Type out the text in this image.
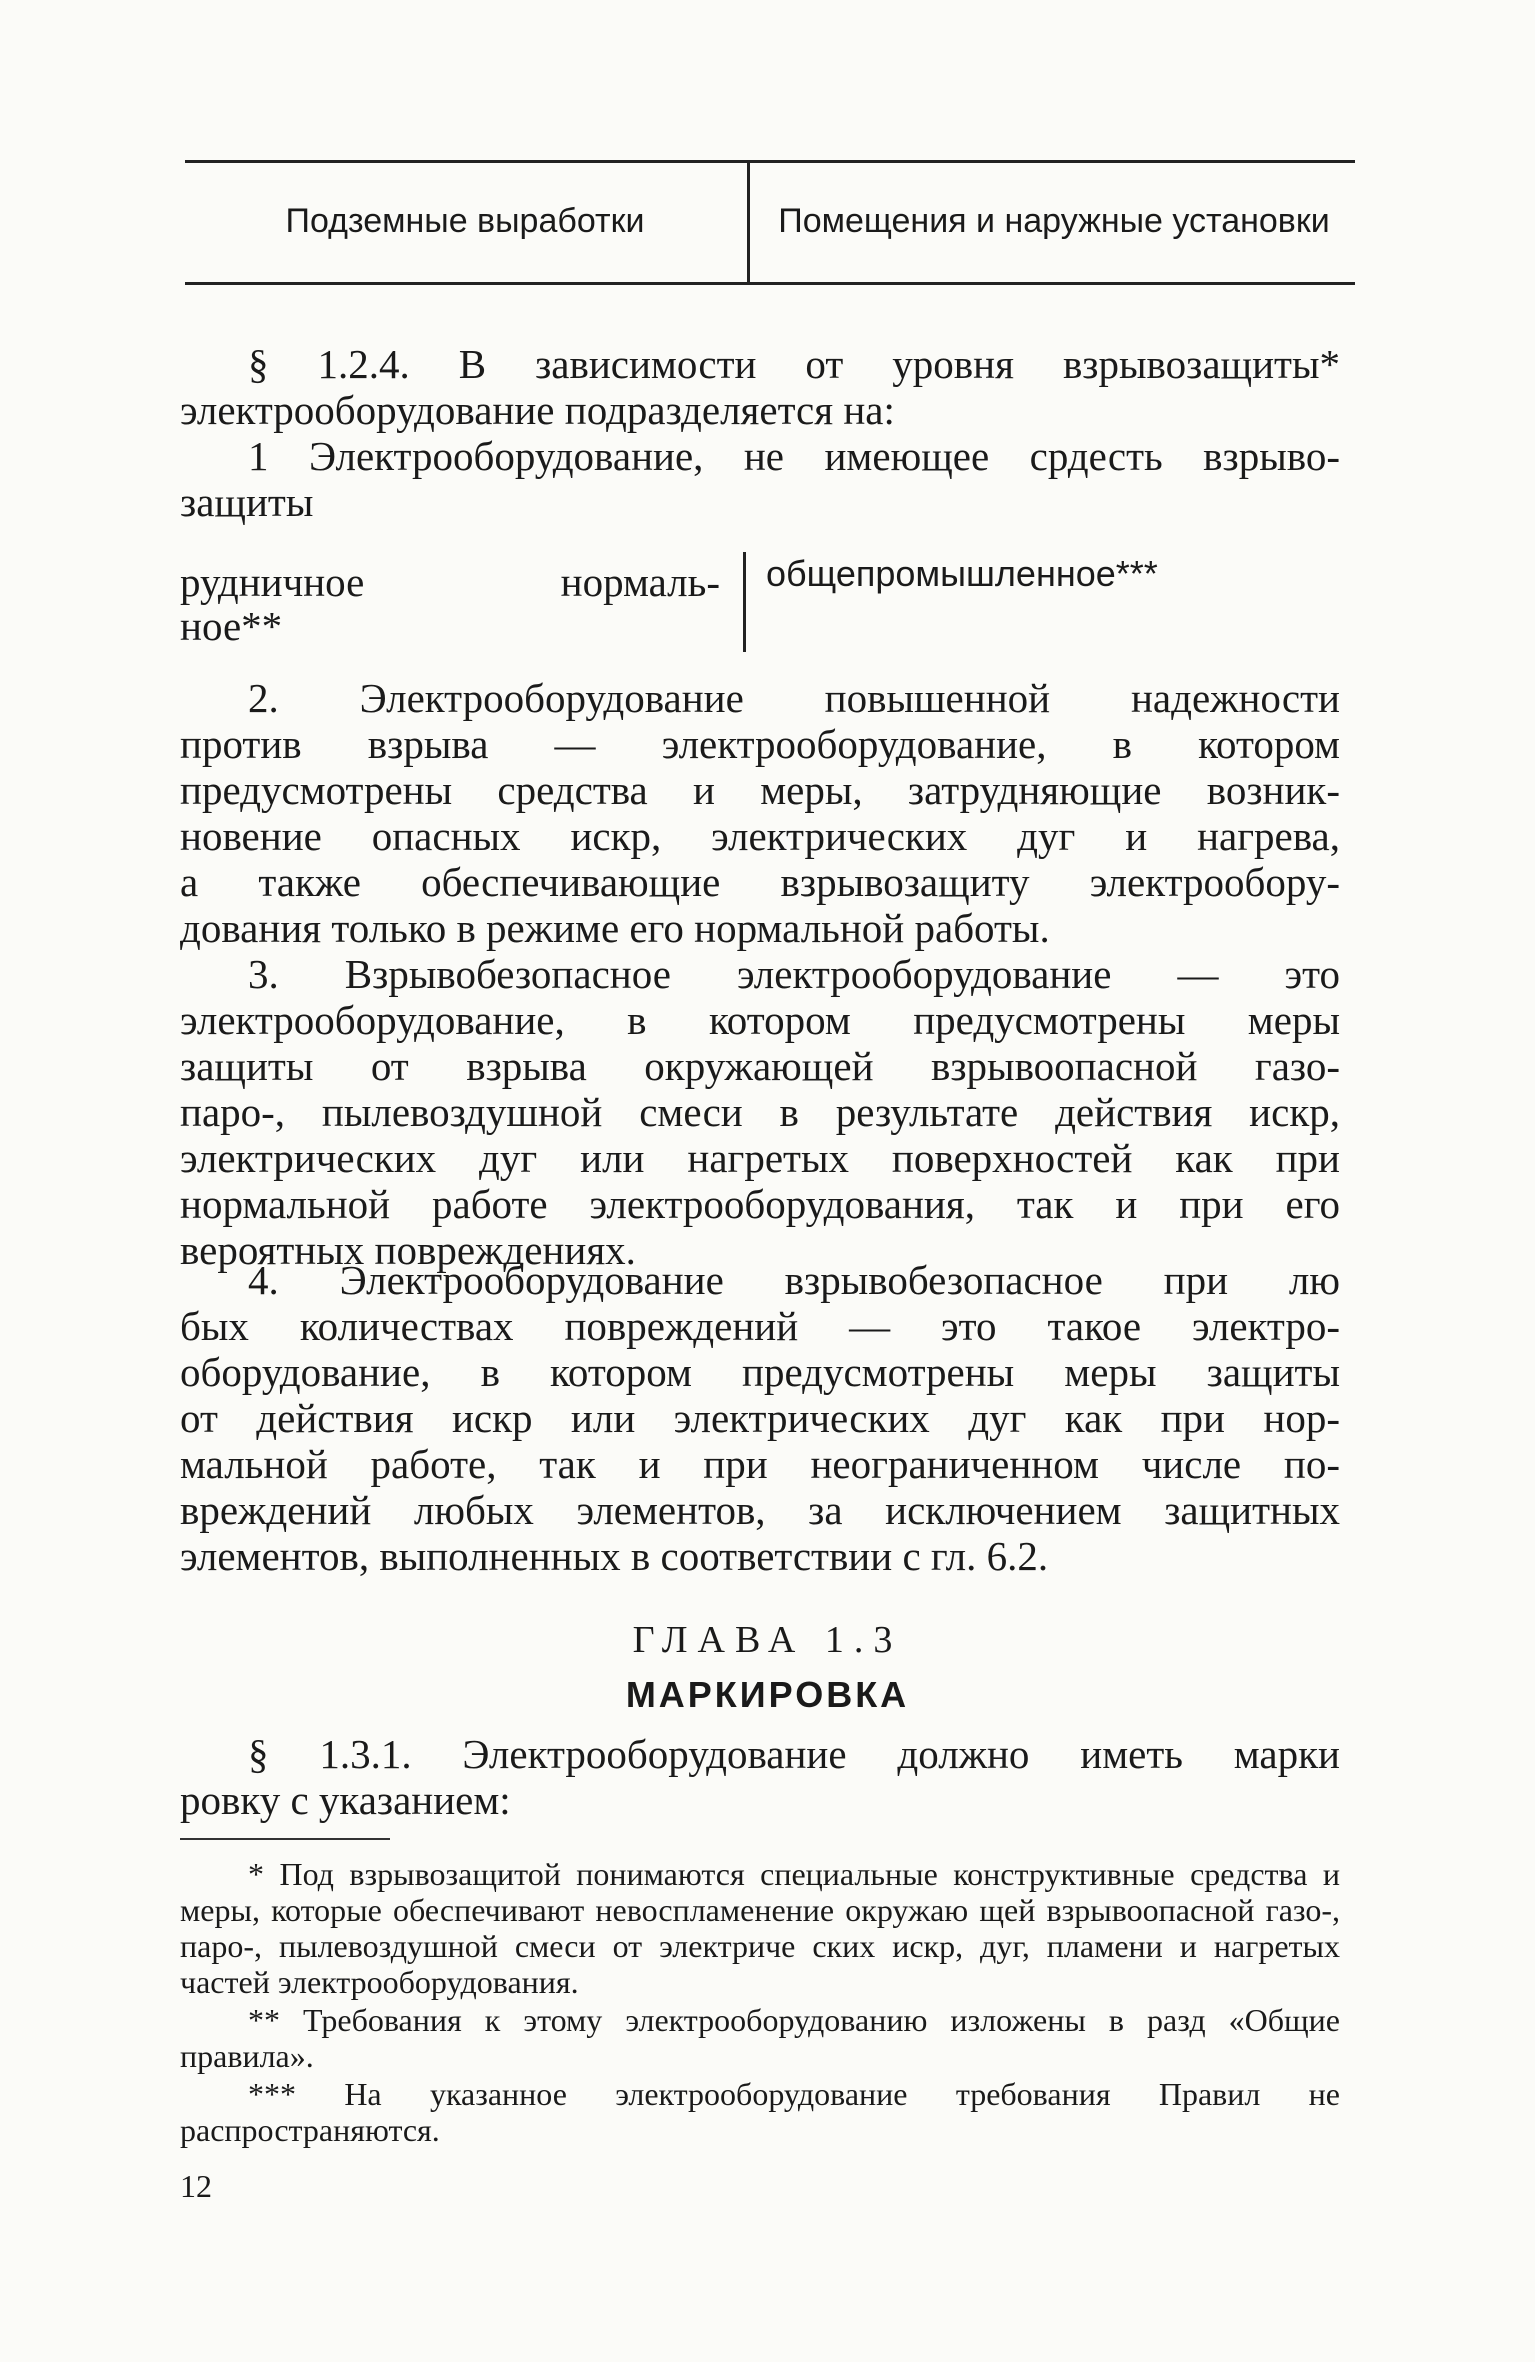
Подземные выработки	Помещения и наружные установки
§ 1.2.4. В зависимости от уровня взрывозащиты*
электрооборудование подразделяется на:
1 Электрооборудование, не имеющее срдесть взрыво-
защиты
рудничное	нормаль-
ное**
общепромышленное***
2. Электрооборудование повышенной надежности
против взрыва — электрооборудование, в котором
предусмотрены средства и меры, затрудняющие возник-
новение опасных искр, электрических дуг и нагрева,
а также обеспечивающие взрывозащиту электрообору-
дования только в режиме его нормальной работы.
3. Взрывобезопасное электрооборудование — это
электрооборудование, в котором предусмотрены меры
защиты от взрыва окружающей взрывоопасной газо-
паро-, пылевоздушной смеси в результате действия искр,
электрических дуг или нагретых поверхностей как при
нормальной работе электрооборудования, так и при его
вероятных повреждениях.
4. Электрооборудование взрывобезопасное при лю
бых количествах повреждений — это такое электро-
оборудование, в котором предусмотрены меры защиты
от действия искр или электрических дуг как при нор-
мальной работе, так и при неограниченном числе по-
вреждений любых элементов, за исключением защитных
элементов, выполненных в соответствии с гл. 6.2.
ГЛАВА 1.3
МАРКИРОВКА
§ 1.3.1. Электрооборудование должно иметь марки
ровку с указанием:
* Под взрывозащитой понимаются специальные конструктивные средства и меры, которые обеспечивают невоспламенение окружаю щей взрывоопасной газо-, паро-, пылевоздушной смеси от электриче ских искр, дуг, пламени и нагретых частей электрооборудования.
** Требования к этому электрооборудованию изложены в разд «Общие правила».
*** На указанное электрооборудование требования Правил не распространяются.
12
